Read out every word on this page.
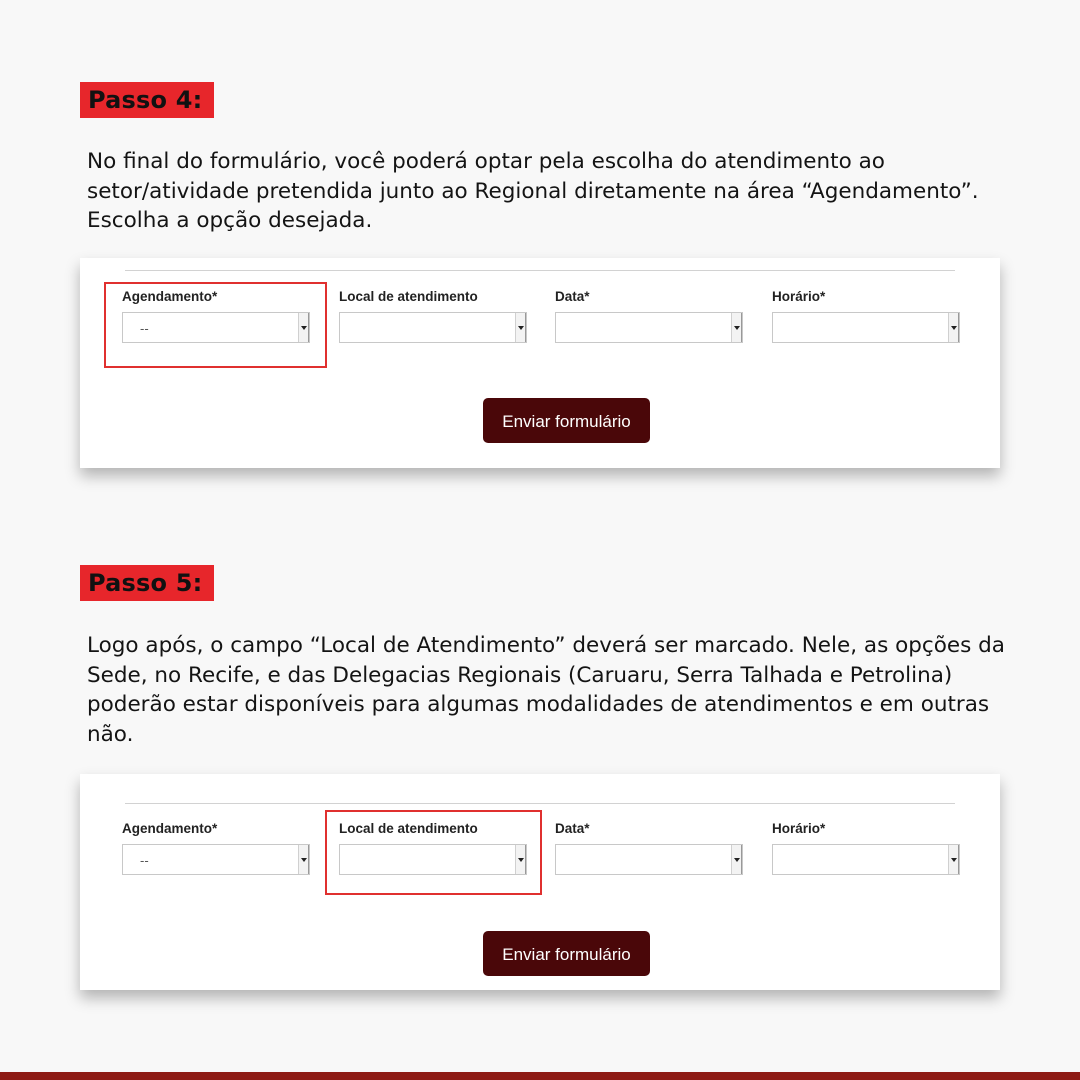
Passo 4:

No final do formulário, você poderá optar pela escolha do atendimento ao setor/atividade pretendida junto ao Regional diretamente na área “Agendamento”. Escolha a opção desejada.

Agendamento*
--
Local de atendimento	Data*	Horário*
Enviar formulário
Passo 5:

Logo após, o campo “Local de Atendimento” deverá ser marcado. Nele, as opções da Sede, no Recife, e das Delegacias Regionais (Caruaru, Serra Talhada e Petrolina) poderão estar disponíveis para algumas modalidades de atendimentos e em outras não.

Agendamento*
--
Local de atendimento	Data*	Horário*
Enviar formulário
